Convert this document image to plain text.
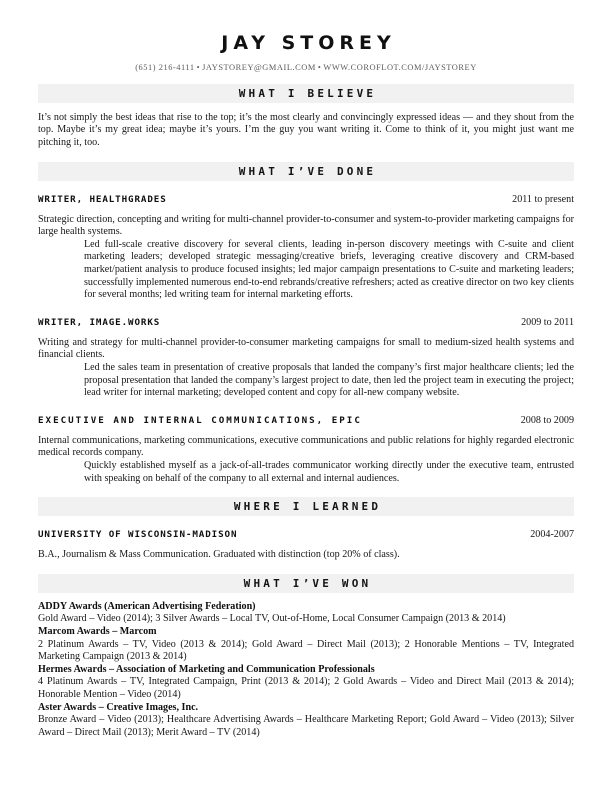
JAY STOREY
(651) 216-4111 • JAYSTOREY@GMAIL.COM • WWW.COROFLOT.COM/JAYSTOREY
WHAT I BELIEVE

It’s not simply the best ideas that rise to the top; it’s the most clearly and convincingly expressed ideas — and they shout from the top. Maybe it’s my great idea; maybe it’s yours. I’m the guy you want writing it. Come to think of it, you might just want me pitching it, too.

WHAT I’VE DONE
WRITER, HEALTHGRADES	2011 to present

Strategic direction, concepting and writing for multi-channel provider-to-consumer and system-to-provider marketing campaigns for large health systems.

Led full-scale creative discovery for several clients, leading in-person discovery meetings with C-suite and client marketing leaders; developed strategic messaging/creative briefs, leveraging creative discovery and CRM-based market/patient analysis to produce focused insights; led major campaign presentations to C-suite and marketing leaders; successfully implemented numerous end-to-end rebrands/creative refreshers; acted as creative director on two key clients for several months; led writing team for internal marketing efforts.

WRITER, IMAGE.WORKS	2009 to 2011

Writing and strategy for multi-channel provider-to-consumer marketing campaigns for small to medium-sized health systems and financial clients.

Led the sales team in presentation of creative proposals that landed the company’s first major healthcare clients; led the proposal presentation that landed the company’s largest project to date, then led the project team in executing the project; lead writer for internal marketing; developed content and copy for all-new company website.

EXECUTIVE AND INTERNAL COMMUNICATIONS, EPIC	2008 to 2009

Internal communications, marketing communications, executive communications and public relations for highly regarded electronic medical records company.

Quickly established myself as a jack-of-all-trades communicator working directly under the executive team, entrusted with speaking on behalf of the company to all external and internal audiences.

WHERE I LEARNED
UNIVERSITY OF WISCONSIN-MADISON	2004-2007

B.A., Journalism & Mass Communication. Graduated with distinction (top 20% of class).

WHAT I’VE WON
ADDY Awards (American Advertising Federation)
Gold Award – Video (2014); 3 Silver Awards – Local TV, Out-of-Home, Local Consumer Campaign (2013 & 2014)
Marcom Awards – Marcom
2 Platinum Awards – TV, Video (2013 & 2014); Gold Award – Direct Mail (2013); 2 Honorable Mentions – TV, Integrated Marketing Campaign (2013 & 2014)
Hermes Awards – Association of Marketing and Communication Professionals
4 Platinum Awards – TV, Integrated Campaign, Print (2013 & 2014); 2 Gold Awards – Video and Direct Mail (2013 & 2014); Honorable Mention – Video (2014)
Aster Awards – Creative Images, Inc.
Bronze Award – Video (2013); Healthcare Advertising Awards – Healthcare Marketing Report; Gold Award – Video (2013); Silver Award – Direct Mail (2013); Merit Award – TV (2014)
